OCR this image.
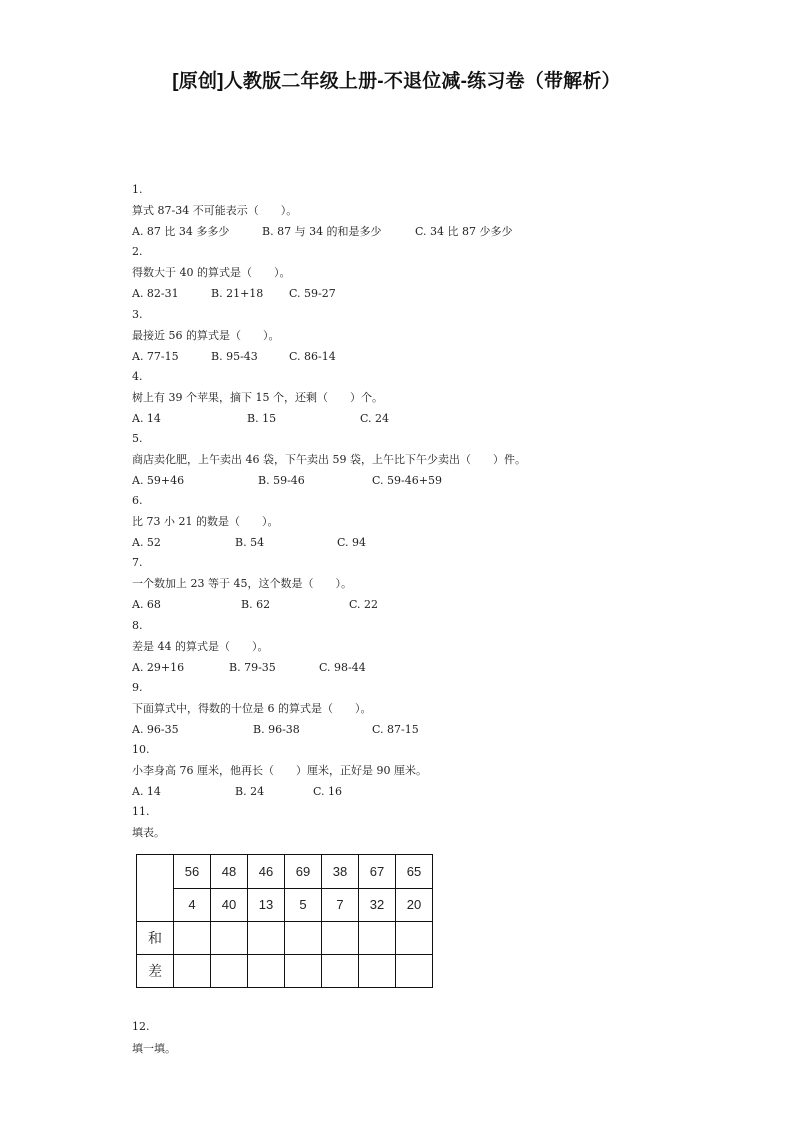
[原创]人教版二年级上册-不退位减-练习卷（带解析）
1.
算式 87-34 不可能表示（　　）。
A. 87 比 34 多多少	B. 87 与 34 的和是多少	C. 34 比 87 少多少
2.
得数大于 40 的算式是（　　）。
A. 82-31	B. 21+18 C. 59-27
3.
最接近 56 的算式是（　　）。
A. 77-15	B. 95-43	C. 86-14
4.
树上有 39 个苹果，摘下 15 个，还剩（　　）个。
A. 14	B. 15	C. 24
5.
商店卖化肥，上午卖出 46 袋，下午卖出 59 袋，上午比下午少卖出（　　）件。
A. 59+46	B. 59-46	C. 59-46+59
6.
比 73 小 21 的数是（　　）。
A. 52	B. 54	C. 94
7.
一个数加上 23 等于 45，这个数是（　　）。
A. 68	B. 62	C. 22
8.
差是 44 的算式是（　　）。
A. 29+16	B. 79-35	C. 98-44
9.
下面算式中，得数的十位是 6 的算式是（　　）。
A. 96-35	B. 96-38	C. 87-15
10.
小李身高 76 厘米，他再长（　　）厘米，正好是 90 厘米。
A. 14	B. 24	C. 16
11.
填表。
	56	48	46	69	38	67	65
	4	40	13	5	7	32	20
和							
差							
12.
填一填。
